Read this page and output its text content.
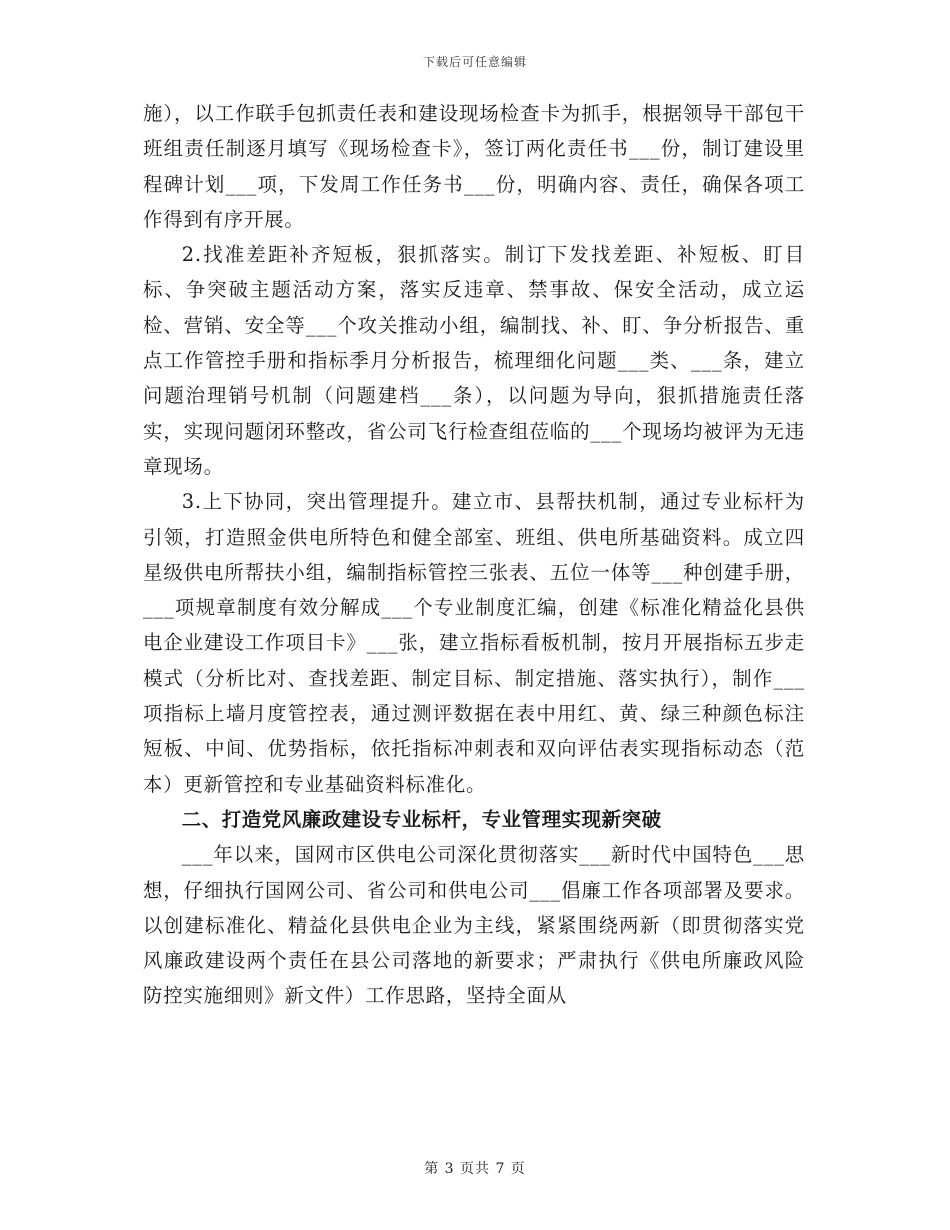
下载后可任意编辑

施），以工作联手包抓责任表和建设现场检查卡为抓手，根据领导干部包干班组责任制逐月填写《现场检查卡》，签订两化责任书___份，制订建设里程碑计划___项，下发周工作任务书___份，明确内容、责任，确保各项工作得到有序开展。

2.找准差距补齐短板，狠抓落实。制订下发找差距、补短板、盯目标、争突破主题活动方案，落实反违章、禁事故、保安全活动，成立运检、营销、安全等___个攻关推动小组，编制找、补、盯、争分析报告、重点工作管控手册和指标季月分析报告，梳理细化问题___类、___条，建立问题治理销号机制（问题建档___条），以问题为导向，狠抓措施责任落实，实现问题闭环整改，省公司飞行检查组莅临的___个现场均被评为无违章现场。

3.上下协同，突出管理提升。建立市、县帮扶机制，通过专业标杆为引领，打造照金供电所特色和健全部室、班组、供电所基础资料。成立四星级供电所帮扶小组，编制指标管控三张表、五位一体等___种创建手册，___项规章制度有效分解成___个专业制度汇编，创建《标准化精益化县供电企业建设工作项目卡》___张，建立指标看板机制，按月开展指标五步走模式（分析比对、查找差距、制定目标、制定措施、落实执行），制作___项指标上墙月度管控表，通过测评数据在表中用红、黄、绿三种颜色标注短板、中间、优势指标，依托指标冲刺表和双向评估表实现指标动态（范本）更新管控和专业基础资料标准化。

二、打造党风廉政建设专业标杆，专业管理实现新突破

___年以来，国网市区供电公司深化贯彻落实___新时代中国特色___思想，仔细执行国网公司、省公司和供电公司___倡廉工作各项部署及要求。以创建标准化、精益化县供电企业为主线，紧紧围绕两新（即贯彻落实党风廉政建设两个责任在县公司落地的新要求；严肃执行《供电所廉政风险防控实施细则》新文件）工作思路，坚持全面从

第 3 页共 7 页
